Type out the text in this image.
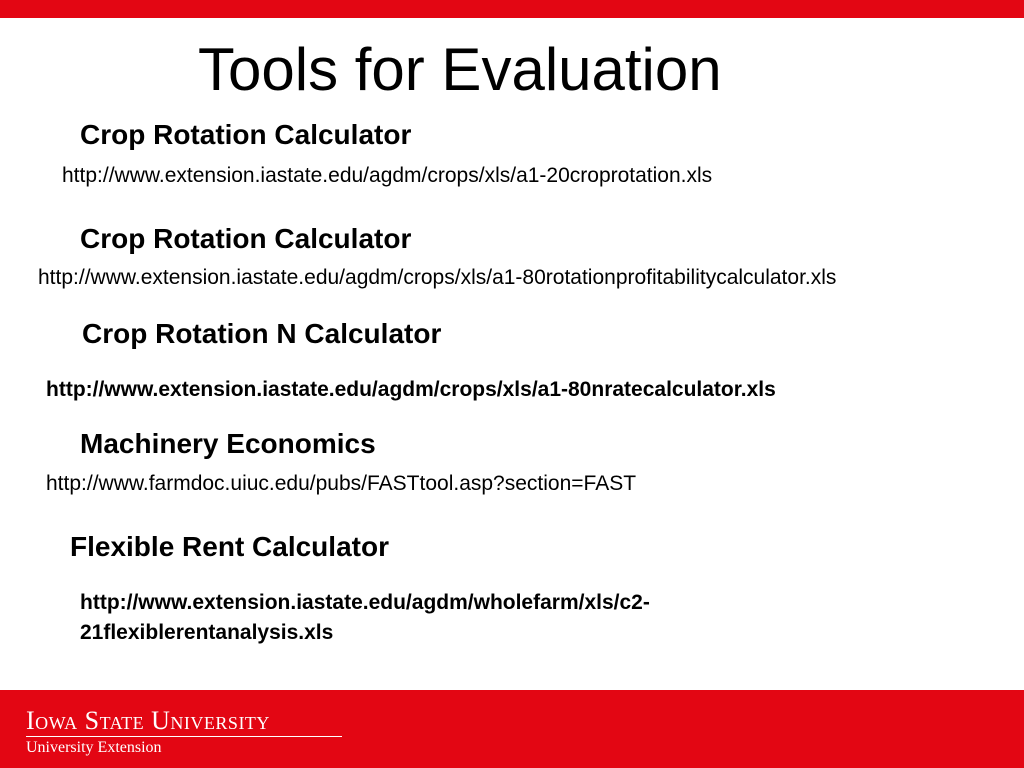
Tools for Evaluation
Crop Rotation Calculator
http://www.extension.iastate.edu/agdm/crops/xls/a1-20croprotation.xls
Crop Rotation Calculator
http://www.extension.iastate.edu/agdm/crops/xls/a1-80rotationprofitabilitycalculator.xls
Crop Rotation N Calculator
http://www.extension.iastate.edu/agdm/crops/xls/a1-80nratecalculator.xls
Machinery Economics
http://www.farmdoc.uiuc.edu/pubs/FASTtool.asp?section=FAST
Flexible Rent Calculator
http://www.extension.iastate.edu/agdm/wholefarm/xls/c2-
21flexiblerentanalysis.xls
Iowa State University
University Extension
